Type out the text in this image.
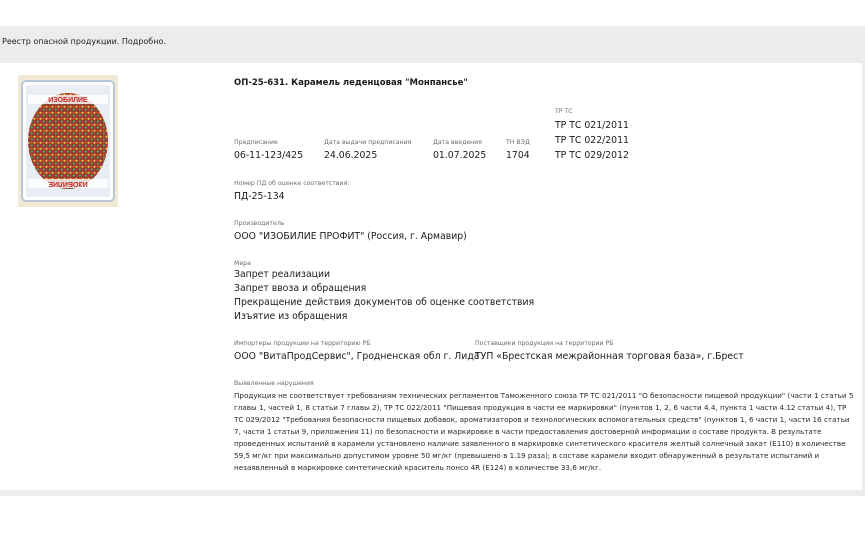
Реестр опасной продукции. Подробно.
ИЗОБИЛИЕ
ИЗОБИЛИЕ
ОП-25-631. Карамель леденцовая "Монпансье"
Предписание
06-11-123/425
Дата выдачи предписания
24.06.2025
Дата введения
01.07.2025
ТН ВЭД
1704
ТР ТС
ТР ТС 021/2011
ТР ТС 022/2011
ТР ТС 029/2012
Номер ПД об оценке соответствия:
ПД-25-134
Производитель
ООО "ИЗОБИЛИЕ ПРОФИТ" (Россия, г. Армавир)
Мера
Запрет реализации
Запрет ввоза и обращения
Прекращение действия документов об оценке соответствия
Изъятие из обращения
Импортеры продукции на территорию РБ
ООО "ВитаПродСервис", Гродненская обл г. Лида
Поставщики продукции на территории РБ
ТУП «Брестская межрайонная торговая база», г.Брест
Выявленные нарушения
Продукция не соответствует требованиям технических регламентов Таможенного союза ТР ТС 021/2011 "О безопасности пищевой продукции" (части 1 статьи 5 главы 1, частей 1, 8 статьи 7 главы 2), ТР ТС 022/2011 "Пищевая продукция в части ее маркировки" (пунктов 1, 2, 6 части 4.4, пункта 1 части 4.12 статьи 4), ТР ТС 029/2012 "Требования безопасности пищевых добавок, ароматизаторов и технологических вспомогательных средств" (пунктов 1, 6 части 1, части 16 статьи 7, части 1 статьи 9, приложения 11) по безопасности и маркировке в части предоставления достоверной информации о составе продукта. В результате проведенных испытаний в карамели установлено наличие заявленного в маркировке синтетического красителя желтый солнечный закат (Е110) в количестве 59,5 мг/кг при максимально допустимом уровне 50 мг/кг (превышено в 1.19 раза); в составе карамели входит обнаруженный в результате испытаний и незаявленный в маркировке синтетический краситель понсо 4R (Е124) в количестве 33,6 мг/кг.
